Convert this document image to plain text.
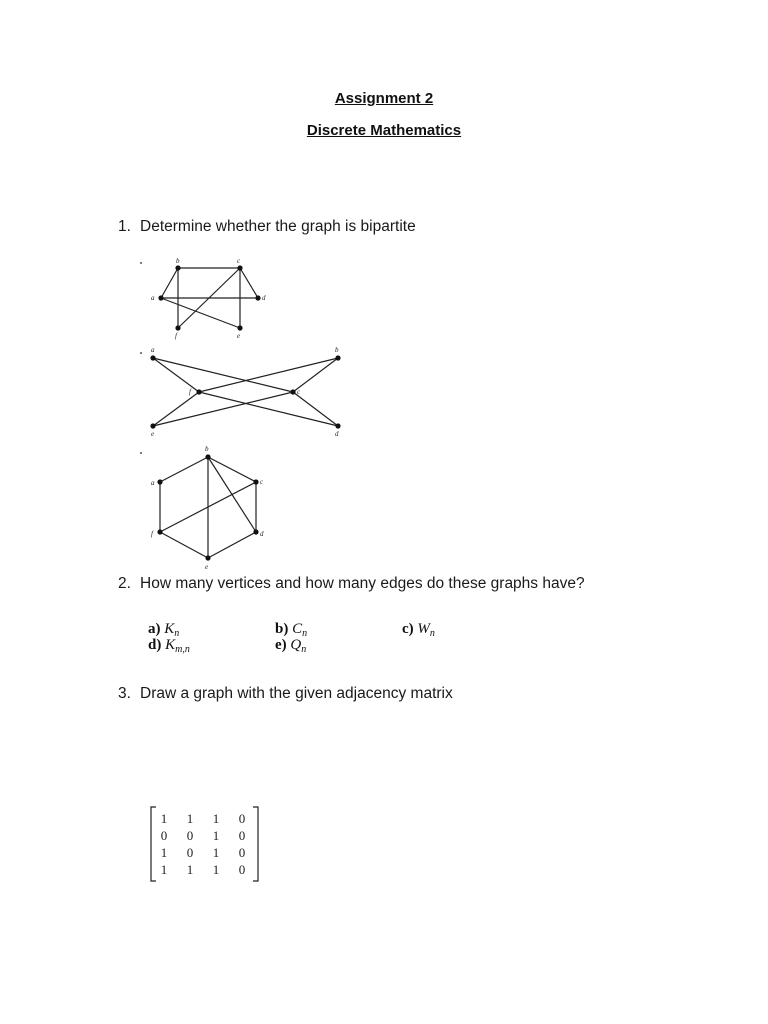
Assignment 2
Discrete Mathematics
1. Determine whether the graph is bipartite
a
b	c
d
e
f
a	b
c
d
e
f
a
b
c
d
e
f
2. How many vertices and how many edges do these graphs have?
a) $K_n$	b) $C_n$	c) $W_n$
d) $K_{m,n}$	e) $Q_n$
3. Draw a graph with the given adjacency matrix
1	1	1	0
0	0	1	0
1	0	1	0
1	1	1	0
